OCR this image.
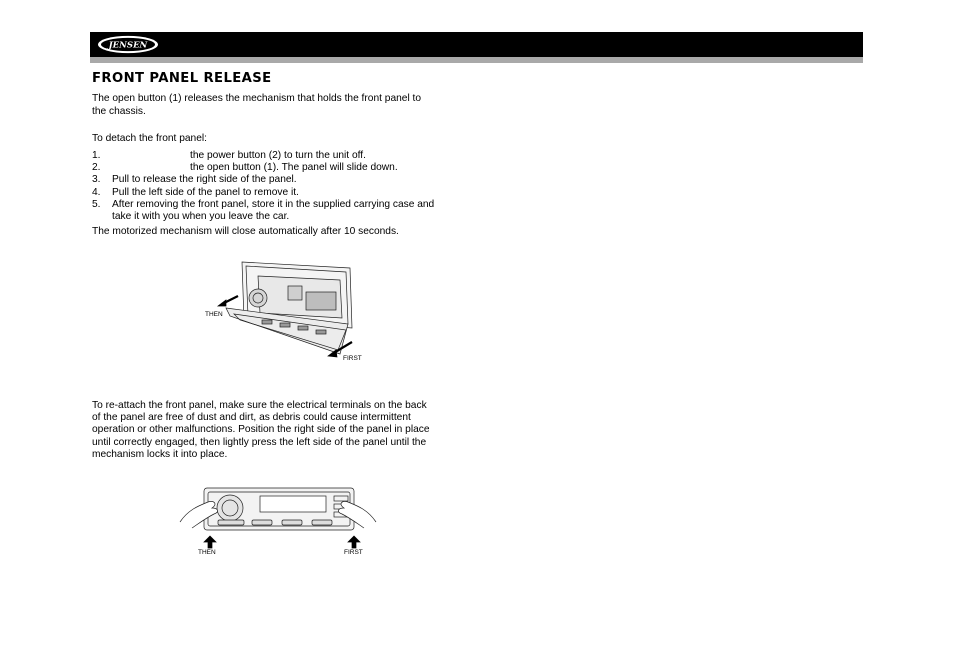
JENSEN
FRONT PANEL RELEASE
The open button (1) releases the mechanism that holds the front panel to
the chassis.
To detach the front panel:
1.	the power button (2) to turn the unit off.
2.	the open button (1). The panel will slide down.
3. Pull to release the right side of the panel.
4. Pull the left side of the panel to remove it.
5. After removing the front panel, store it in the supplied carrying case and
take it with you when you leave the car.
The motorized mechanism will close automatically after 10 seconds.
THEN
FIRST
To re-attach the front panel, make sure the electrical terminals on the back
of the panel are free of dust and dirt, as debris could cause intermittent
operation or other malfunctions. Position the right side of the panel in place
until correctly engaged, then lightly press the left side of the panel until the
mechanism locks it into place.
THEN	FIRST
